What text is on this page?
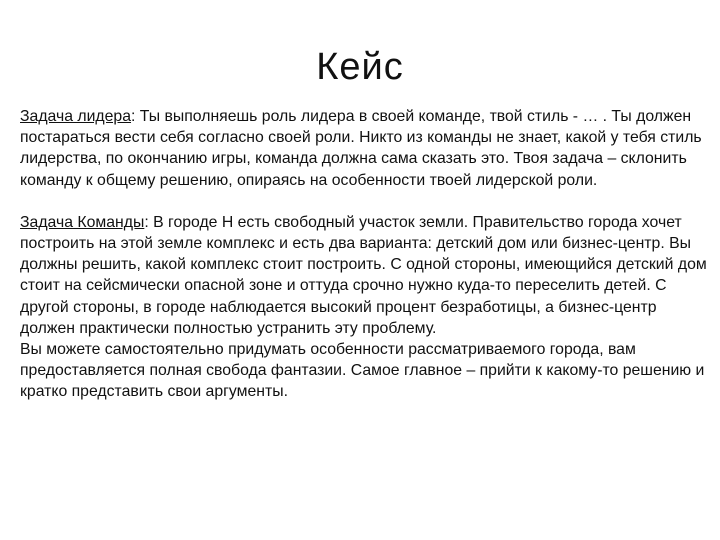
Кейс

Задача лидера: Ты выполняешь роль лидера в своей команде, твой стиль - … . Ты должен постараться вести себя согласно своей роли. Никто из команды не знает, какой у тебя стиль лидерства, по окончанию игры, команда должна сама сказать это. Твоя задача – склонить команду к общему решению, опираясь на особенности твоей лидерской роли.

Задача Команды: В городе Н есть свободный участок земли. Правительство города хочет построить на этой земле комплекс и есть два варианта: детский дом или бизнес-центр. Вы должны решить, какой комплекс стоит построить. С одной стороны, имеющийся детский дом стоит на сейсмически опасной зоне и оттуда срочно нужно куда-то переселить детей. С другой стороны, в городе наблюдается высокий процент безработицы, а бизнес-центр должен практически полностью устранить эту проблему.

Вы можете самостоятельно придумать особенности рассматриваемого города, вам предоставляется полная свобода фантазии. Самое главное – прийти к какому-то решению и кратко представить свои аргументы.
